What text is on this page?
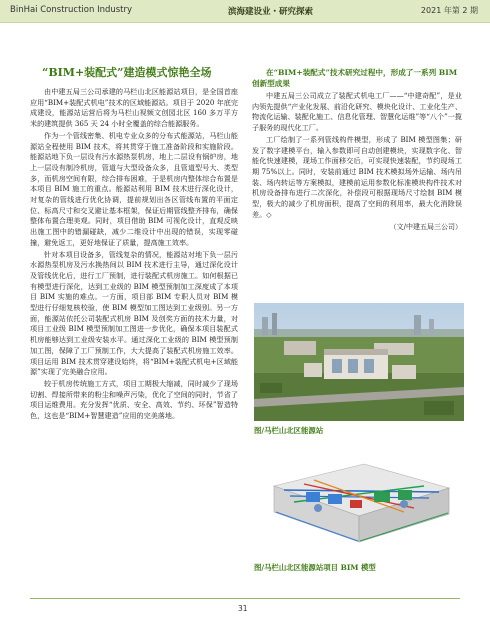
BinHai Construction Industry	滨海建设业・研究探索	2021 年第 2 期
“BIM+装配式”建造模式惊艳全场

由中建五局三公司承建的马栏山北区能源站项目，是全国首座应用“BIM+装配式机电”技术的区域能源站。项目于 2020 年底完成建设，能源站运营后将为马栏山视频文创园北区 160 多万平方米的建筑提供 365 天 24 小时全覆盖的综合能源服务。

作为一个管线密集、机电专业众多的分布式能源站，马栏山能源站全程使用 BIM 技术，将其贯穿于施工准备阶段和实施阶段。能源站地下负一层设有污水源热泵机房，地上二层设有锅炉房，地上一层设有制冷机房，管道与大型设备众多，且管道型号大、类型多，而机房空间有限，综合排布困难，于是机房内整体综合布置是本项目 BIM 施工的重点。能源站利用 BIM 技术进行深化设计，对复杂的管线进行优化协调，提前规划出各区管线布置的平面定位、标高尺寸和交叉避让基本框架，保证后期管线整齐排布，确保整体布置合理美观。同时，项目借助 BIM 可视化设计，直观反映出施工图中的错漏碰缺，减少二维设计中出现的错误，实现零碰撞，避免返工，更好地保证了质量，提高施工效率。

针对本项目设备多，管线复杂的情况，能源站对地下负一层污水源热泵机房及污水换热间以 BIM 技术进行主导，通过深化设计及管线优化后，进行工厂预制，进行装配式机房施工。如何根据已有模型进行深化，达到工业级的 BIM 模型预制加工深度成了本项目 BIM 实施的难点。一方面，项目部 BIM 专职人员对 BIM 模型进行仔细复核校验，使 BIM 模型加工图达到工业级别。另一方面，能源站依托公司装配式机房 BIM 及创奖方面的技术力量，对项目工业级 BIM 模型预制加工图进一步优化，确保本项目装配式机房能够达到工业级安装水平。通过深化工业级的 BIM 模型预制加工图，保障了工厂预制工作，大大提高了装配式机房施工效率。项目运用 BIM 技术贯穿建设始终，将“BIM+装配式机电+区域能源”实现了完美融合应用。

较于机房传统施工方式，项目工期极大缩减，同时减少了现场切割、焊接所带来的粉尘和噪声污染，优化了空间的同时，节省了项目运维费用。充分发挥“优质、安全、高效、节约、环保”智造特色，这也是“BIM+智慧建造”应用的完美落地。

在“BIM+装配式”技术研究过程中，形成了一系列 BIM 创新型成果

中建五局三公司成立了装配式机电工厂——“中建奇配”，是业内领先提供“产业化发展、前沿化研究、模块化设计、工业化生产、物流化运输、装配化施工、信息化管理、智慧化运维”等“八个”一揽子服务的现代化工厂。

工厂绘制了一系列管线构件模型，形成了 BIM 模型图集；研发了数字建模平台，输入参数即可自动创建模块，实现数字化、智能化快速建模，现场工作面移交后，可实现快速装配，节约现场工期 75%以上。同时，安装前通过 BIM 技术模拟场外运输、场内吊装、场内转运等方案模拟，建模前运用参数化标准模块构件技术对机房设备排布进行二次深化，补偿段可根据现场尺寸绘制 BIM 模型，极大的减少了机房面积，提高了空间的利用率，最大化消除误差。◇

（文/中建五局三公司）
图/马栏山北区能源站
图/马栏山北区能源站项目 BIM 模型
31
